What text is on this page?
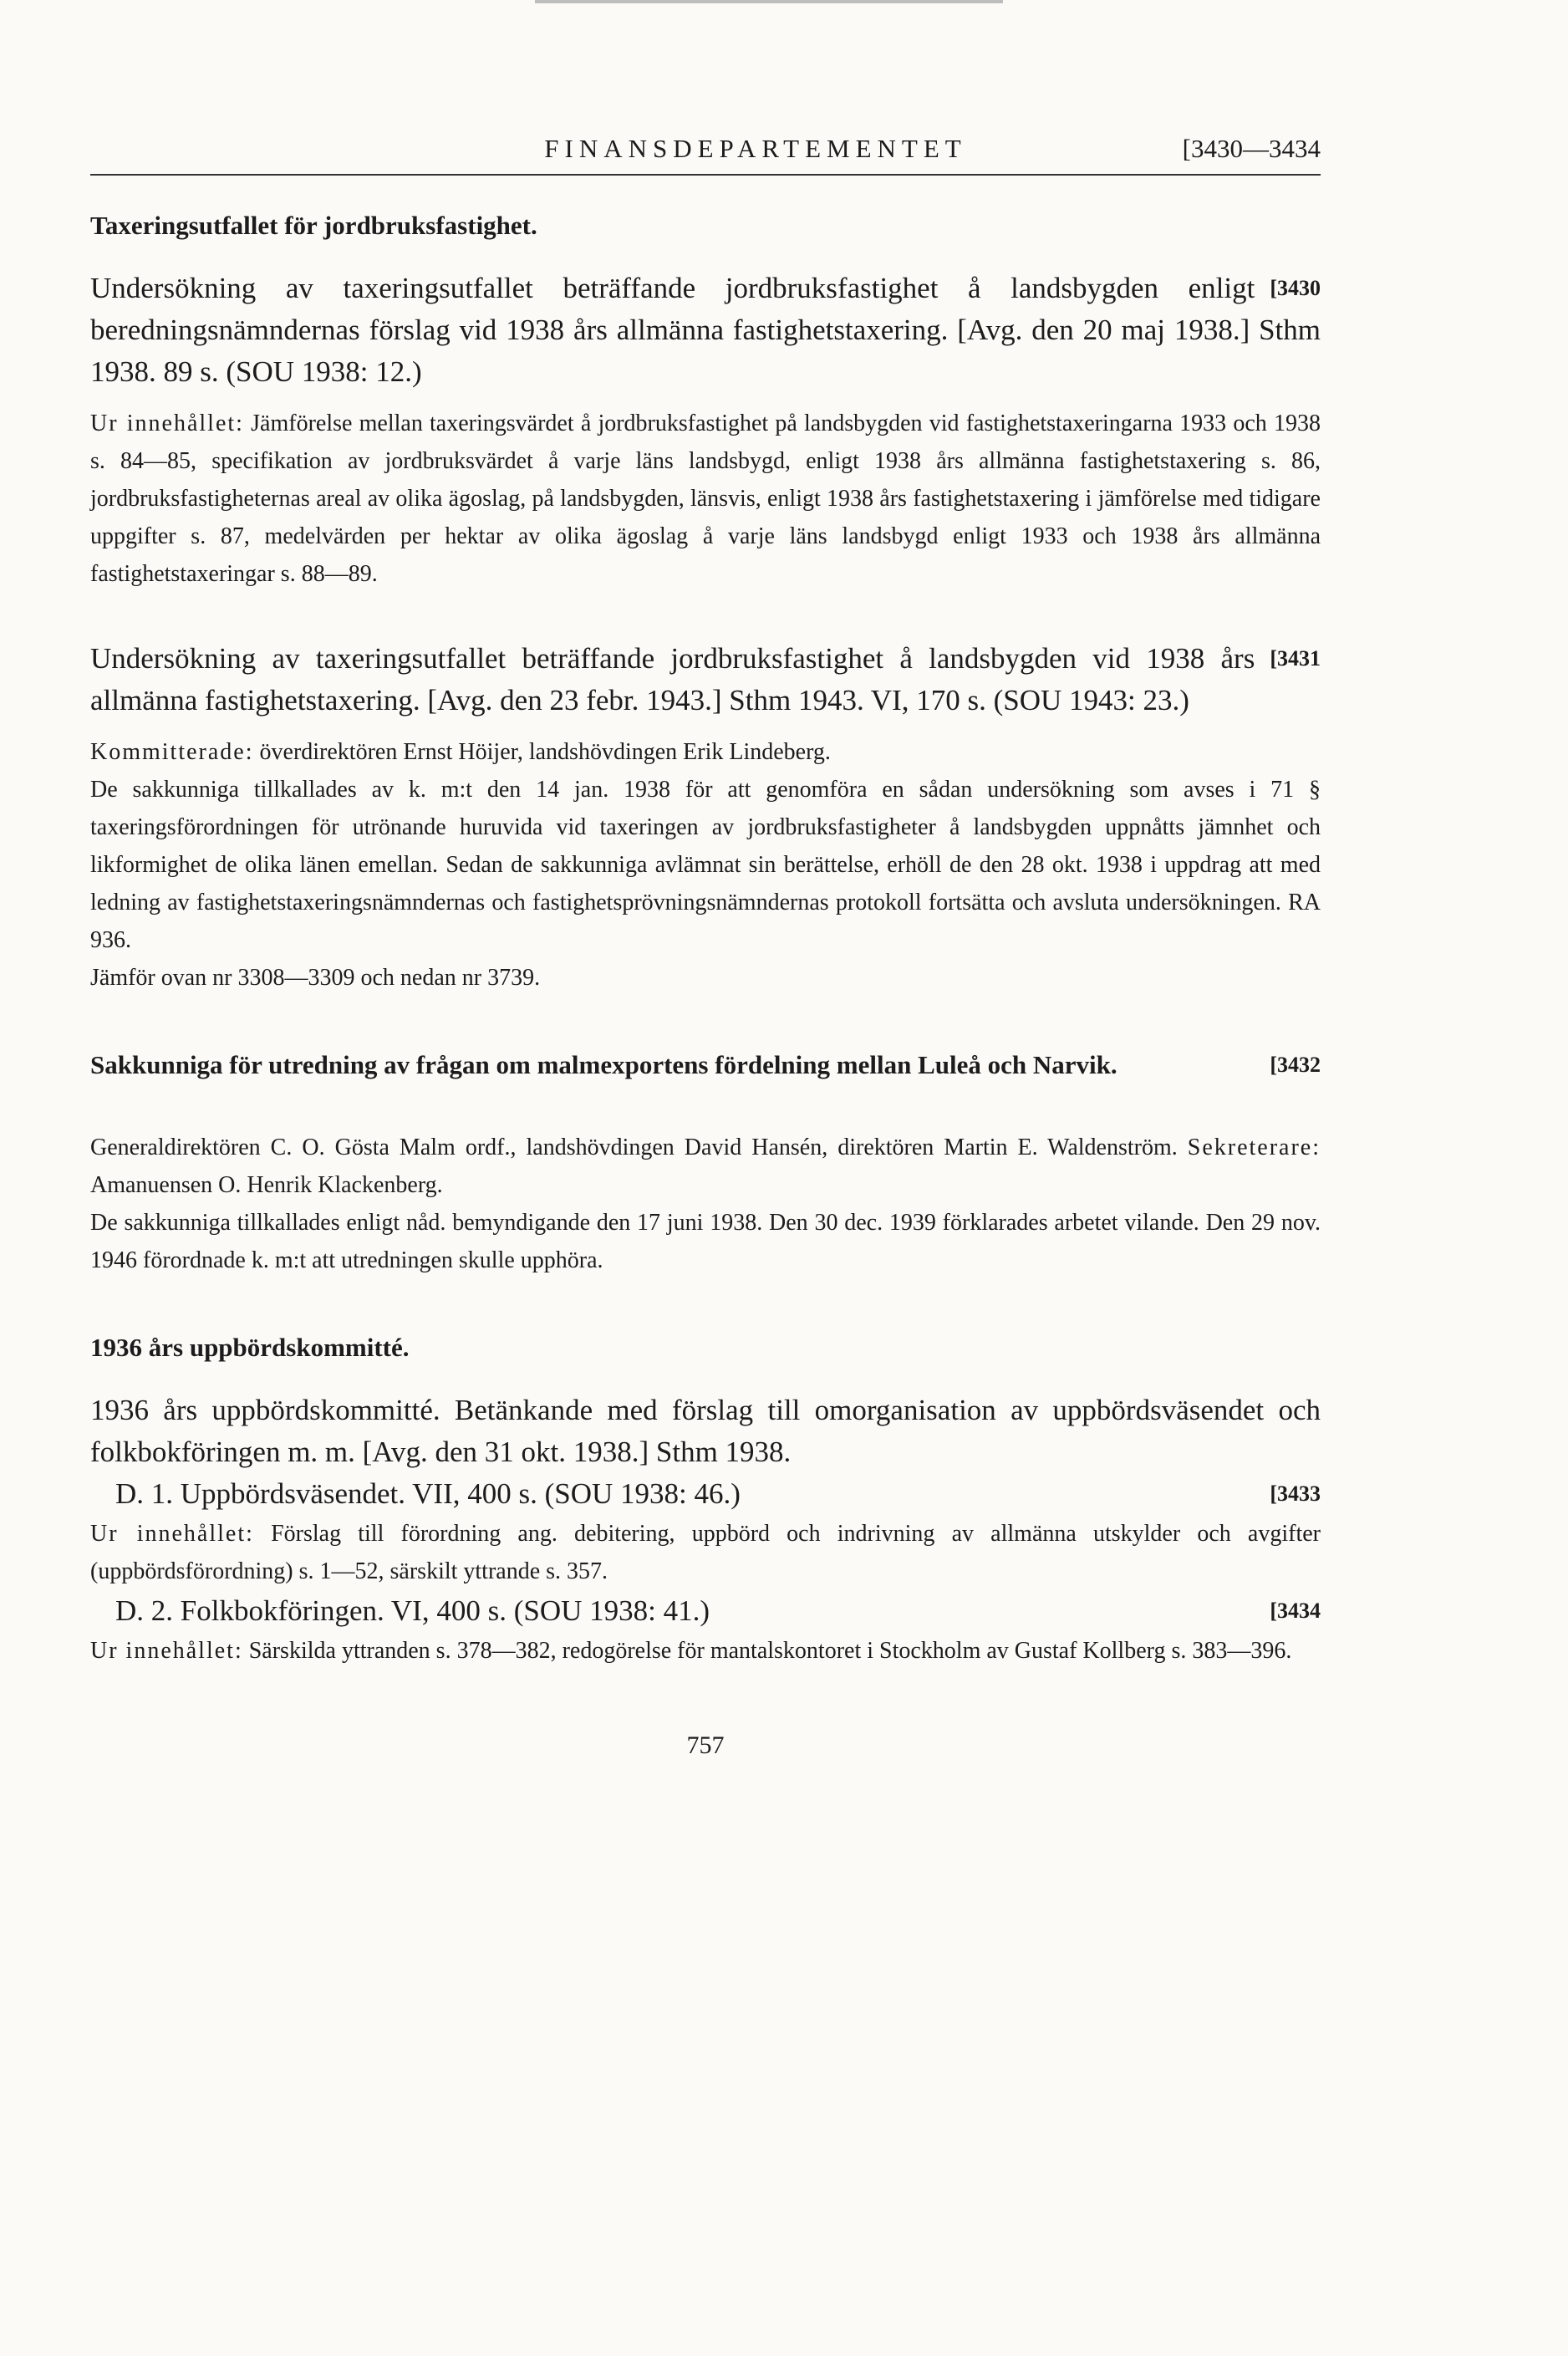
FINANSDEPARTEMENTET	[3430—3434

Taxeringsutfallet för jordbruksfastighet.

[3430
Undersökning av taxeringsutfallet beträffande jordbruksfastighet å landsbygden enligt beredningsnämndernas förslag vid 1938 års allmänna fastighetstaxering. [Avg. den 20 maj 1938.] Sthm 1938. 89 s. (SOU 1938: 12.)

Ur innehållet: Jämförelse mellan taxeringsvärdet å jordbruksfastighet på landsbygden vid fastighetstaxeringarna 1933 och 1938 s. 84—85, specifikation av jordbruksvärdet å varje läns landsbygd, enligt 1938 års allmänna fastighetstaxering s. 86, jordbruksfastigheternas areal av olika ägoslag, på landsbygden, länsvis, enligt 1938 års fastighetstaxering i jämförelse med tidigare uppgifter s. 87, medelvärden per hektar av olika ägoslag å varje läns landsbygd enligt 1933 och 1938 års allmänna fastighetstaxeringar s. 88—89.

[3431
Undersökning av taxeringsutfallet beträffande jordbruksfastighet å landsbygden vid 1938 års allmänna fastighetstaxering. [Avg. den 23 febr. 1943.] Sthm 1943. VI, 170 s. (SOU 1943: 23.)

Kommitterade: överdirektören Ernst Höijer, landshövdingen Erik Lindeberg.

De sakkunniga tillkallades av k. m:t den 14 jan. 1938 för att genomföra en sådan undersökning som avses i 71 § taxeringsförordningen för utrönande huruvida vid taxeringen av jordbruksfastigheter å landsbygden uppnåtts jämnhet och likformighet de olika länen emellan. Sedan de sakkunniga avlämnat sin berättelse, erhöll de den 28 okt. 1938 i uppdrag att med ledning av fastighetstaxeringsnämndernas och fastighetsprövningsnämndernas protokoll fortsätta och avsluta undersökningen. RA 936.

Jämför ovan nr 3308—3309 och nedan nr 3739.

Sakkunniga för utredning av frågan om malmexportens fördelning mellan Luleå och Narvik.	[3432

Generaldirektören C. O. Gösta Malm ordf., landshövdingen David Hansén, direktören Martin E. Waldenström. Sekreterare: Amanuensen O. Henrik Klackenberg.

De sakkunniga tillkallades enligt nåd. bemyndigande den 17 juni 1938. Den 30 dec. 1939 förklarades arbetet vilande. Den 29 nov. 1946 förordnade k. m:t att utredningen skulle upphöra.

1936 års uppbördskommitté.

1936 års uppbördskommitté. Betänkande med förslag till omorganisation av uppbördsväsendet och folkbokföringen m. m. [Avg. den 31 okt. 1938.] Sthm 1938.

[3433
D. 1. Uppbördsväsendet. VII, 400 s. (SOU 1938: 46.)

Ur innehållet: Förslag till förordning ang. debitering, uppbörd och indrivning av allmänna utskylder och avgifter (uppbördsförordning) s. 1—52, särskilt yttrande s. 357.

[3434
D. 2. Folkbokföringen. VI, 400 s. (SOU 1938: 41.)

Ur innehållet: Särskilda yttranden s. 378—382, redogörelse för mantalskontoret i Stockholm av Gustaf Kollberg s. 383—396.

757
